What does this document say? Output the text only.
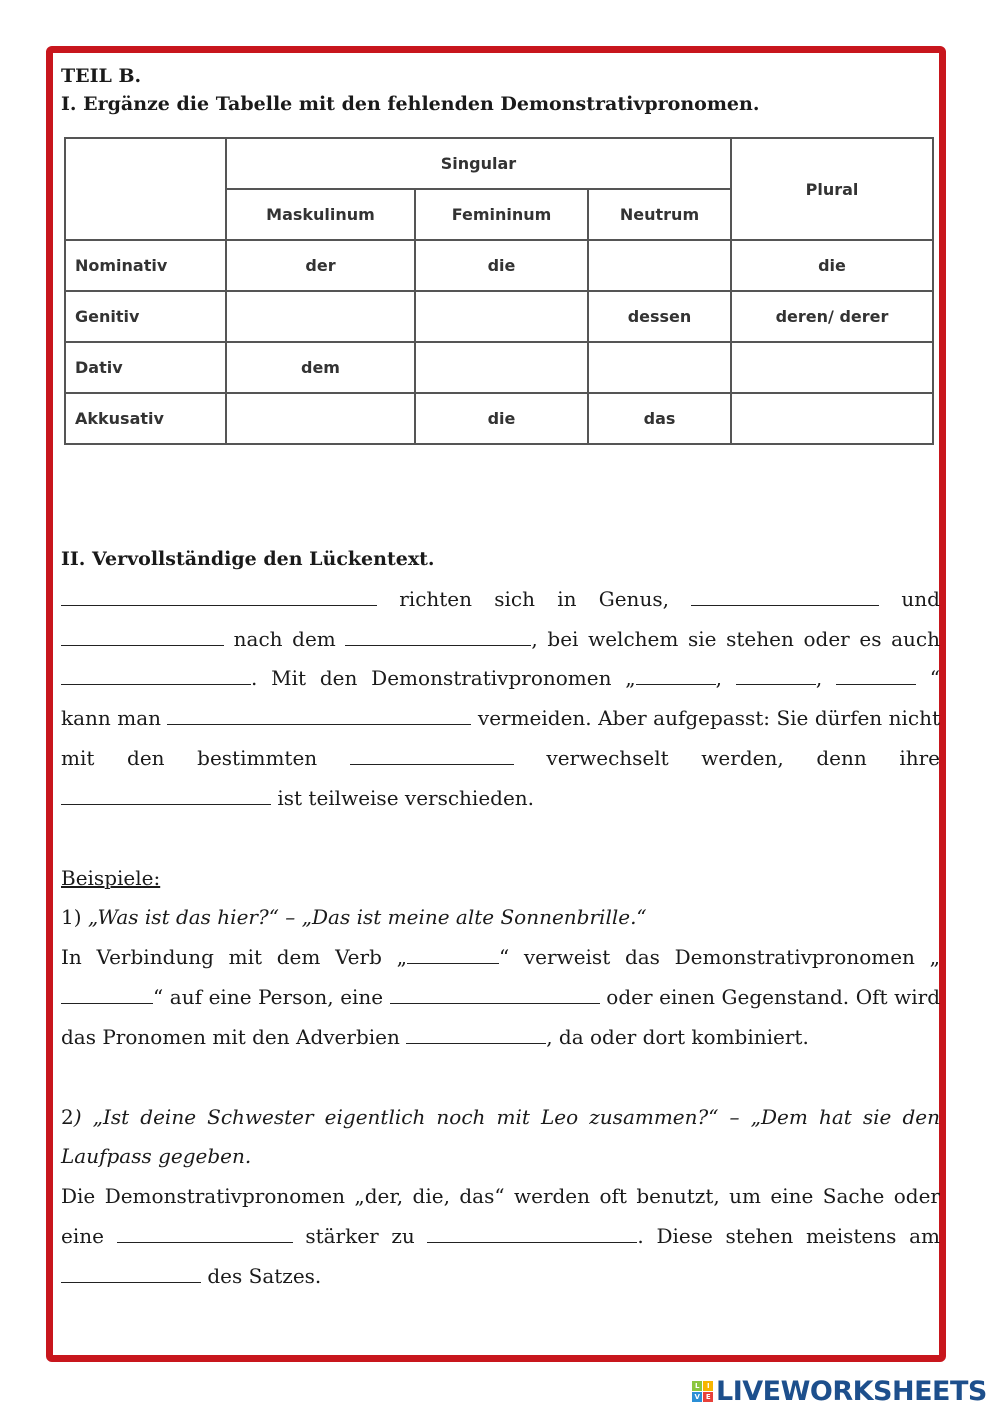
TEIL B.

I. Ergänze die Tabelle mit den fehlenden Demonstrativpronomen.

	Singular			Plural
	Maskulinum	Femininum	Neutrum	
Nominativ	der	die		die
Genitiv			dessen	deren/ derer
Dativ	dem			
Akkusativ		die	das	

II. Vervollständige den Lückentext.

richten sich in Genus,	und  nach dem	, bei welchem sie stehen oder es auch . Mit den Demonstrativpronomen „	,	,	“ kann man	vermeiden. Aber aufgepasst: Sie dürfen nicht mit den bestimmten	verwechselt werden, denn ihre  ist teilweise verschieden.

Beispiele:

1) „Was ist das hier?“ – „Das ist meine alte Sonnenbrille.“

In Verbindung mit dem Verb „	“ verweist das Demonstrativpronomen „“ auf eine Person, eine	oder einen Gegenstand. Oft wird das Pronomen mit den Adverbien	, da oder dort kombiniert.

2) „Ist deine Schwester eigentlich noch mit Leo zusammen?“ – „Dem hat sie den Laufpass gegeben.

Die Demonstrativpronomen „der, die, das“ werden oft benutzt, um eine Sache oder eine	stärker zu	. Diese stehen meistens am  des Satzes.

L	I
V E LIVEWORKSHEETS
